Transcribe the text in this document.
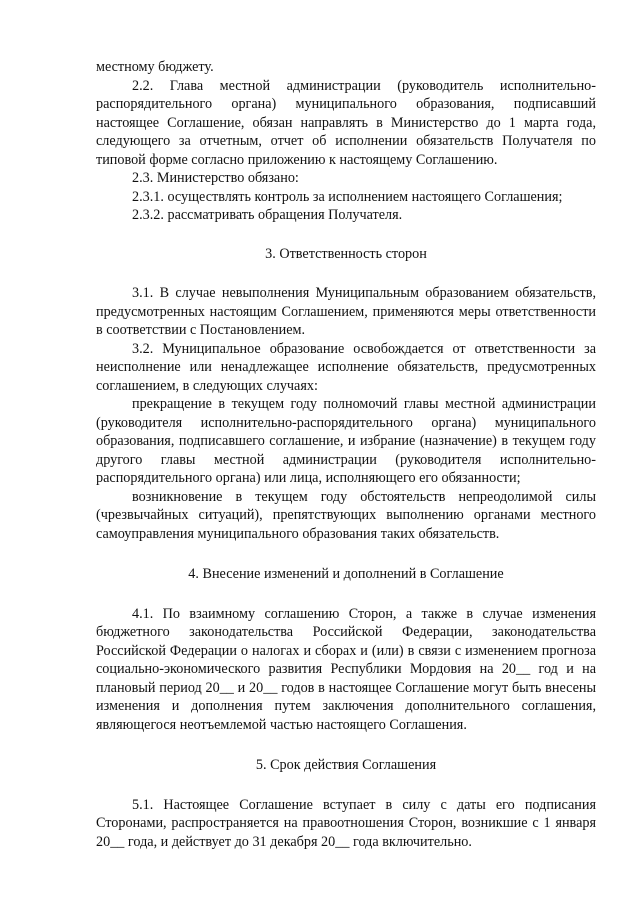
местному бюджету.

2.2. Глава местной администрации (руководитель исполнительно-распорядительного органа) муниципального образования, подписавший настоящее Соглашение, обязан направлять в Министерство до 1 марта года, следующего за отчетным, отчет об исполнении обязательств Получателя по типовой форме согласно приложению к настоящему Соглашению.

2.3. Министерство обязано:

2.3.1. осуществлять контроль за исполнением настоящего Соглашения;

2.3.2. рассматривать обращения Получателя.

3. Ответственность сторон

3.1. В случае невыполнения Муниципальным образованием обязательств, предусмотренных настоящим Соглашением, применяются меры ответственности в соответствии с Постановлением.

3.2. Муниципальное образование освобождается от ответственности за неисполнение или ненадлежащее исполнение обязательств, предусмотренных соглашением, в следующих случаях:

прекращение в текущем году полномочий главы местной администрации (руководителя исполнительно-распорядительного органа) муниципального образования, подписавшего соглашение, и избрание (назначение) в текущем году другого главы местной администрации (руководителя исполнительно-распорядительного органа) или лица, исполняющего его обязанности;

возникновение в текущем году обстоятельств непреодолимой силы (чрезвычайных ситуаций), препятствующих выполнению органами местного самоуправления муниципального образования таких обязательств.

4. Внесение изменений и дополнений в Соглашение

4.1. По взаимному соглашению Сторон, а также в случае изменения бюджетного законодательства Российской Федерации, законодательства Российской Федерации о налогах и сборах и (или) в связи с изменением прогноза социально-экономического развития Республики Мордовия на 20__ год и на плановый период 20__ и 20__ годов в настоящее Соглашение могут быть внесены изменения и дополнения путем заключения дополнительного соглашения, являющегося неотъемлемой частью настоящего Соглашения.

5. Срок действия Соглашения

5.1. Настоящее Соглашение вступает в силу с даты его подписания Сторонами, распространяется на правоотношения Сторон, возникшие с 1 января 20__ года, и действует до 31 декабря 20__ года включительно.
